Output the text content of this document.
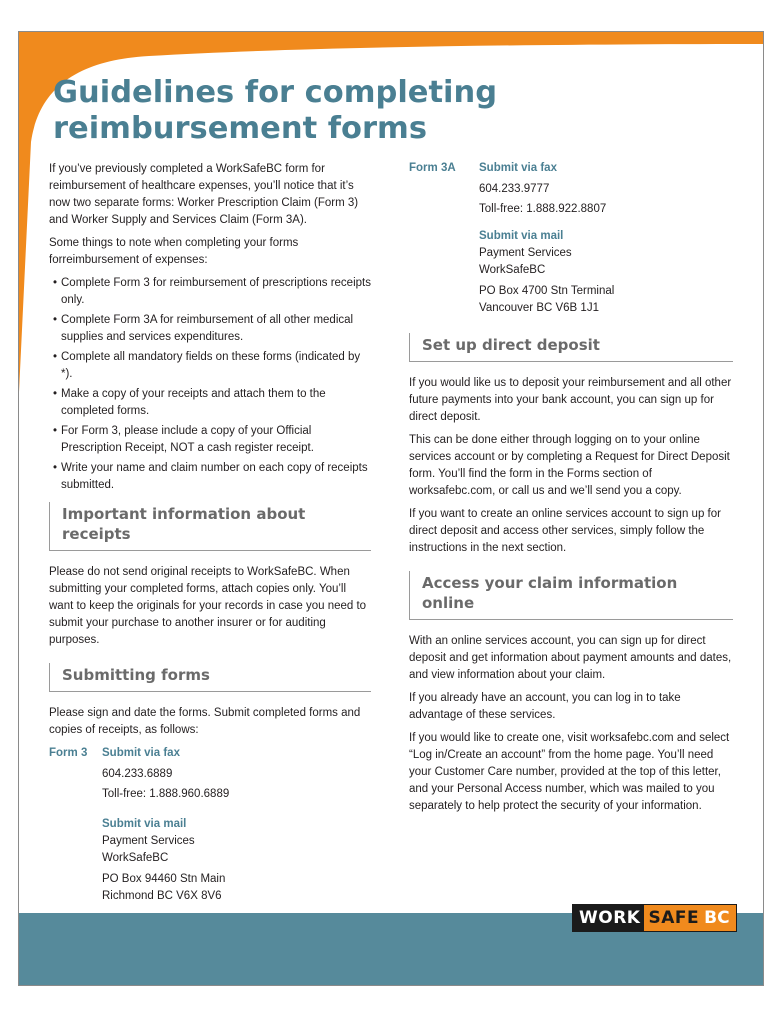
WORK SAFE BC
Guidelines for completing reimbursement forms

If you’ve previously completed a WorkSafeBC form for reimbursement of healthcare expenses, you’ll notice that it’s now two separate forms: Worker Prescription Claim (Form 3) and Worker Supply and Services Claim (Form 3A).

Some things to note when completing your forms forreimbursement of expenses:

• Complete Form 3 for reimbursement of prescriptions receipts only.
• Complete Form 3A for reimbursement of all other medical supplies and services expenditures.
• Complete all mandatory fields on these forms (indicated by *).
• Make a copy of your receipts and attach them to the completed forms.
• For Form 3, please include a copy of your Official Prescription Receipt, NOT a cash register receipt.
• Write your name and claim number on each copy of receipts submitted.
Important information about receipts

Please do not send original receipts to WorkSafeBC. When submitting your completed forms, attach copies only. You’ll want to keep the originals for your records in case you need to submit your purchase to another insurer or for auditing purposes.

Submitting forms

Please sign and date the forms. Submit completed forms and copies of receipts, as follows:

Form 3	Submit via fax
604.233.6889
Toll-free: 1.888.960.6889
Submit via mail
Payment Services
WorkSafeBC
PO Box 94460 Stn Main
Richmond BC V6X 8V6
Form 3A	Submit via fax
604.233.9777
Toll-free: 1.888.922.8807
Submit via mail
Payment Services
WorkSafeBC
PO Box 4700 Stn Terminal
Vancouver BC V6B 1J1
Set up direct deposit

If you would like us to deposit your reimbursement and all other future payments into your bank account, you can sign up for direct deposit.

This can be done either through logging on to your online services account or by completing a Request for Direct Deposit form. You’ll find the form in the Forms section of worksafebc.com, or call us and we’ll send you a copy.

If you want to create an online services account to sign up for direct deposit and access other services, simply follow the instructions in the next section.

Access your claim information online

With an online services account, you can sign up for direct deposit and get information about payment amounts and dates, and view information about your claim.

If you already have an account, you can log in to take advantage of these services.

If you would like to create one, visit worksafebc.com and select “Log in/Create an account” from the home page. You’ll need your Customer Care number, provided at the top of this letter, and your Personal Access number, which was mailed to you separately to help protect the security of your information.
